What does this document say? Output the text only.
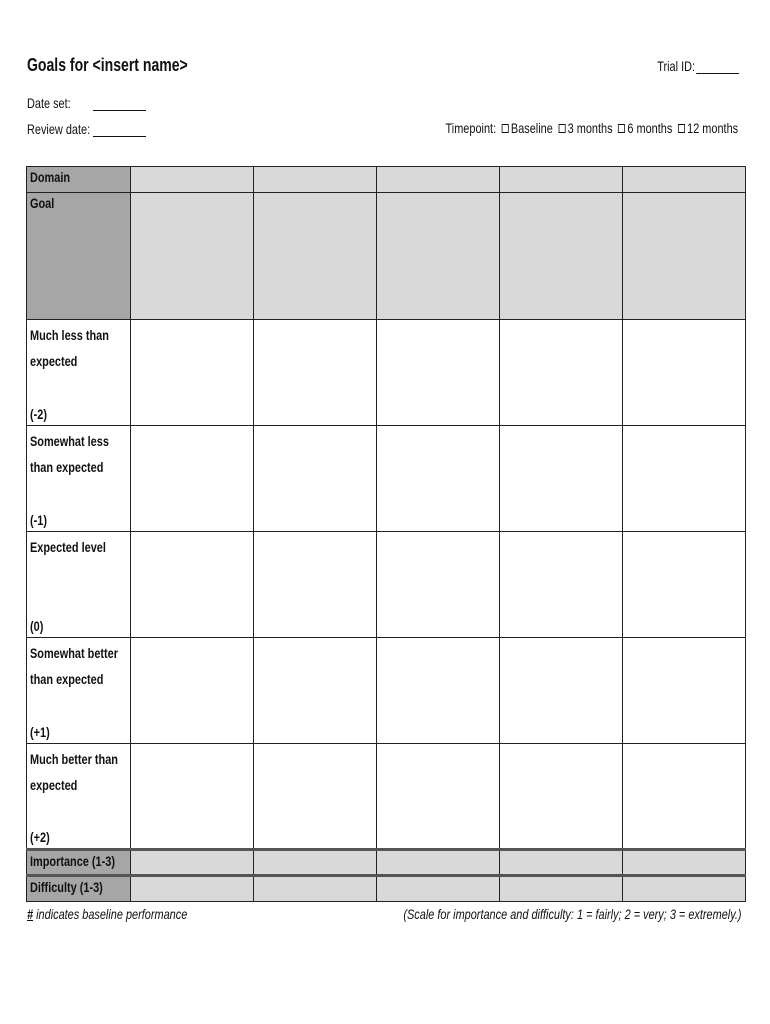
Goals for <insert name>	Trial ID:
Date set:
Review date:	Timepoint: Baseline 3 months 6 months 12 months
Domain					
Goal					

Much less than expected
(-2)					

Somewhat less than expected
(-1)					

Expected level
(0)					

Somewhat better than expected
(+1)					

Much better than expected
(+2)					

Importance (1-3)					
Difficulty (1-3)					
# indicates baseline performance	(Scale for importance and difficulty: 1 = fairly; 2 = very; 3 = extremely.)
